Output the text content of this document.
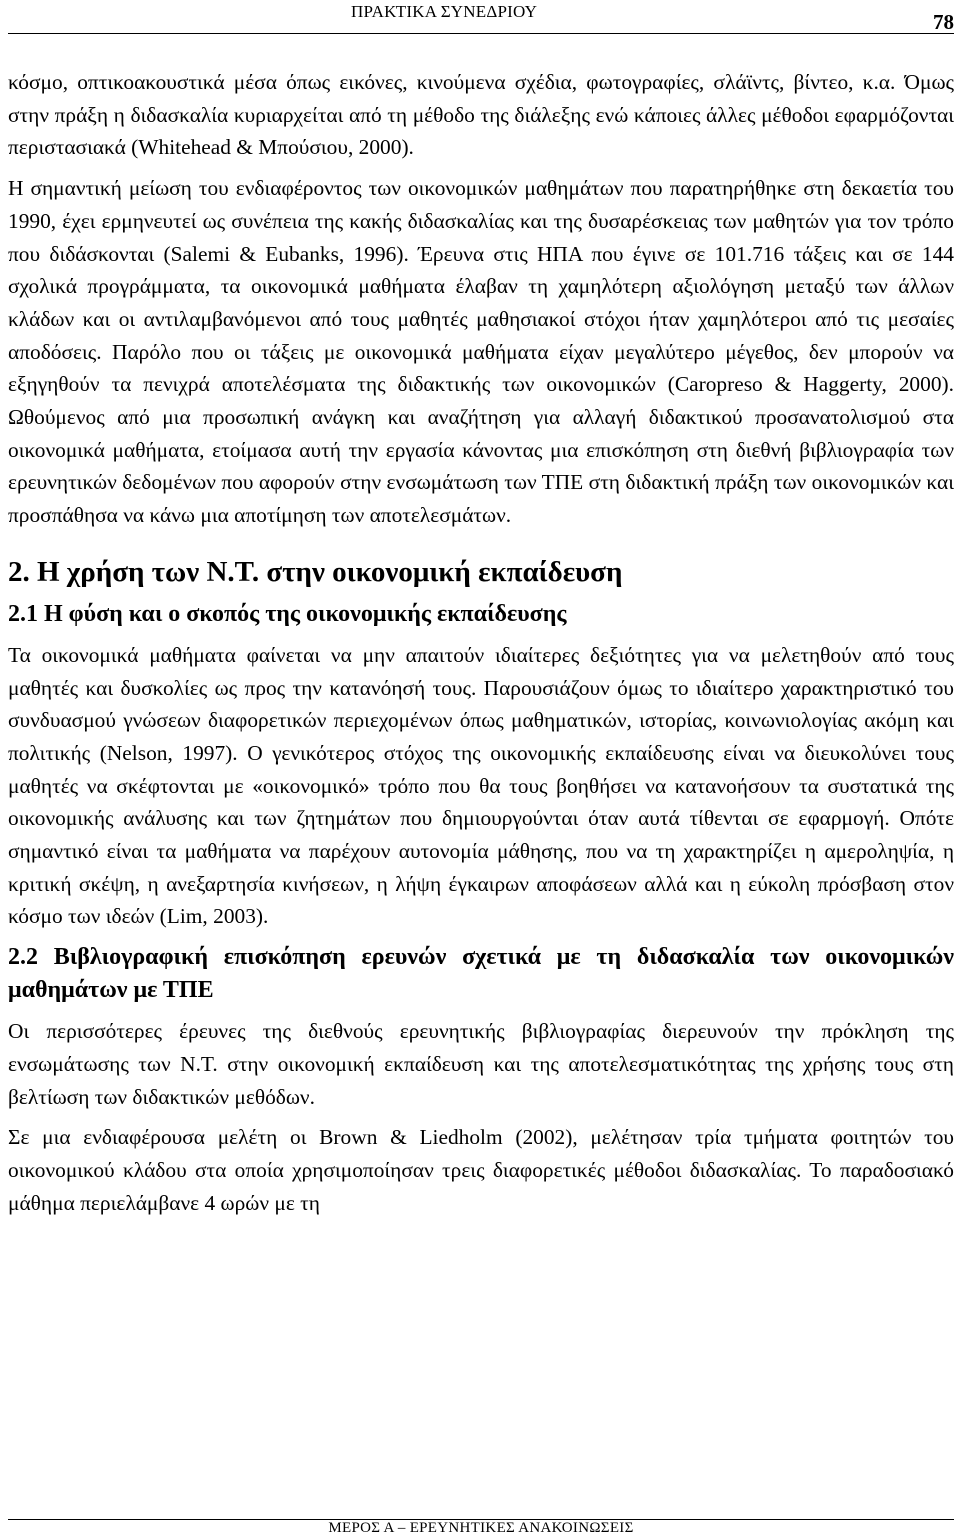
ΠΡΑΚΤΙΚΑ ΣΥΝΕΔΡΙΟΥ	78

κόσμο, οπτικοακουστικά μέσα όπως εικόνες, κινούμενα σχέδια, φωτογραφίες, σλάϊντς, βίντεο, κ.α. Όμως στην πράξη η διδασκαλία κυριαρχείται από τη μέθοδο της διάλεξης ενώ κάποιες άλλες μέθοδοι εφαρμόζονται περιστασιακά (Whitehead & Μπούσιου, 2000).

Η σημαντική μείωση του ενδιαφέροντος των οικονομικών μαθημάτων που παρατηρήθηκε στη δεκαετία του 1990, έχει ερμηνευτεί ως συνέπεια της κακής διδασκαλίας και της δυσαρέσκειας των μαθητών για τον τρόπο που διδάσκονται (Salemi & Eubanks, 1996). Έρευνα στις ΗΠΑ που έγινε σε 101.716 τάξεις και σε 144 σχολικά προγράμματα, τα οικονομικά μαθήματα έλαβαν τη χαμηλότερη αξιολόγηση μεταξύ των άλλων κλάδων και οι αντιλαμβανόμενοι από τους μαθητές μαθησιακοί στόχοι ήταν χαμηλότεροι από τις μεσαίες αποδόσεις. Παρόλο που οι τάξεις με οικονομικά μαθήματα είχαν μεγαλύτερο μέγεθος, δεν μπορούν να εξηγηθούν τα πενιχρά αποτελέσματα της διδακτικής των οικονομικών (Caropreso & Haggerty, 2000). Ωθούμενος από μια προσωπική ανάγκη και αναζήτηση για αλλαγή διδακτικού προσανατολισμού στα οικονομικά μαθήματα, ετοίμασα αυτή την εργασία κάνοντας μια επισκόπηση στη διεθνή βιβλιογραφία των ερευνητικών δεδομένων που αφορούν στην ενσωμάτωση των ΤΠΕ στη διδακτική πράξη των οικονομικών και προσπάθησα να κάνω μια αποτίμηση των αποτελεσμάτων.

2. Η χρήση των Ν.Τ. στην οικονομική εκπαίδευση
2.1 Η φύση και ο σκοπός της οικονομικής εκπαίδευσης

Τα οικονομικά μαθήματα φαίνεται να μην απαιτούν ιδιαίτερες δεξιότητες για να μελετηθούν από τους μαθητές και δυσκολίες ως προς την κατανόησή τους. Παρουσιάζουν όμως το ιδιαίτερο χαρακτηριστικό του συνδυασμού γνώσεων διαφορετικών περιεχομένων όπως μαθηματικών, ιστορίας, κοινωνιολογίας ακόμη και πολιτικής (Nelson, 1997). Ο γενικότερος στόχος της οικονομικής εκπαίδευσης είναι να διευκολύνει τους μαθητές να σκέφτονται με «οικονομικό» τρόπο που θα τους βοηθήσει να κατανοήσουν τα συστατικά της οικονομικής ανάλυσης και των ζητημάτων που δημιουργούνται όταν αυτά τίθενται σε εφαρμογή. Οπότε σημαντικό είναι τα μαθήματα να παρέχουν αυτονομία μάθησης, που να τη χαρακτηρίζει η αμεροληψία, η κριτική σκέψη, η ανεξαρτησία κινήσεων, η λήψη έγκαιρων αποφάσεων αλλά και η εύκολη πρόσβαση στον κόσμο των ιδεών (Lim, 2003).

2.2 Βιβλιογραφική επισκόπηση ερευνών σχετικά με τη διδασκαλία των οικονομικών μαθημάτων με ΤΠΕ

Οι περισσότερες έρευνες της διεθνούς ερευνητικής βιβλιογραφίας διερευνούν την πρόκληση της ενσωμάτωσης των Ν.Τ. στην οικονομική εκπαίδευση και της αποτελεσματικότητας της χρήσης τους στη βελτίωση των διδακτικών μεθόδων.

Σε μια ενδιαφέρουσα μελέτη οι Brown & Liedholm (2002), μελέτησαν τρία τμήματα φοιτητών του οικονομικού κλάδου στα οποία χρησιμοποίησαν τρεις διαφορετικές μέθοδοι διδασκαλίας. Το παραδοσιακό μάθημα περιελάμβανε 4 ωρών με τη

ΜΕΡΟΣ Α – ΕΡΕΥΝΗΤΙΚΕΣ ΑΝΑΚΟΙΝΩΣΕΙΣ
